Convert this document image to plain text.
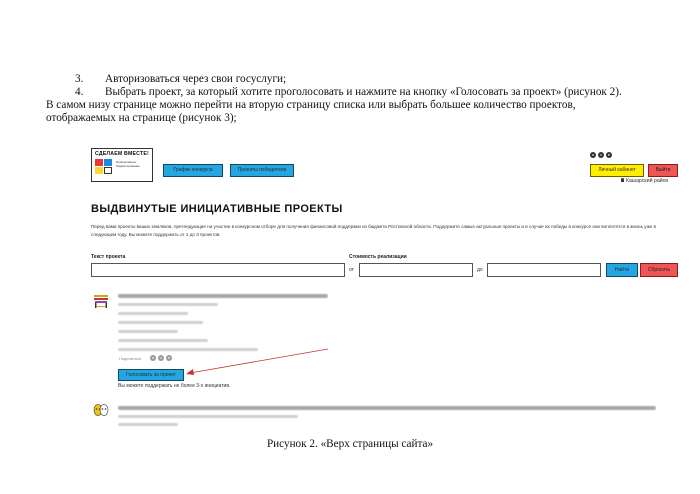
3. Авторизоваться через свои госуслуги;
4. Выбрать проект, за который хотите проголосовать и нажмите на кнопку «Голосовать за проект» (рисунок 2).
В самом низу странице можно перейти на вторую страницу списка или выбрать большее количество проектов,
отображаемых на странице (рисунок 3);
СДЕЛАЕМ ВМЕСТЕ!
Инициативное бюджетирование
График конкурса	Проекты победители
в	о	➤
Личный кабинет	Выйти
Кашарский район
ВЫДВИНУТЫЕ ИНИЦИАТИВНЫЕ ПРОЕКТЫ
Перед вами проекты ваших земляков, претендующие на участие в конкурсном отборе для получения финансовой поддержки из бюджета Ростовской области. Поддержите самые актуальные проекты и в случае их победы в конкурсе они воплотятся в жизнь уже в следующем году. Вы можете поддержать от 1 до 3 проектов.
Текст проекта	Стоимость реализации
от	до	Найти	Сбросить
Поделиться	в	о	➤
Голосовать за проект
Вы можете поддержать не более 3-х инициатив.
Рисунок 2. «Верх страницы сайта»
